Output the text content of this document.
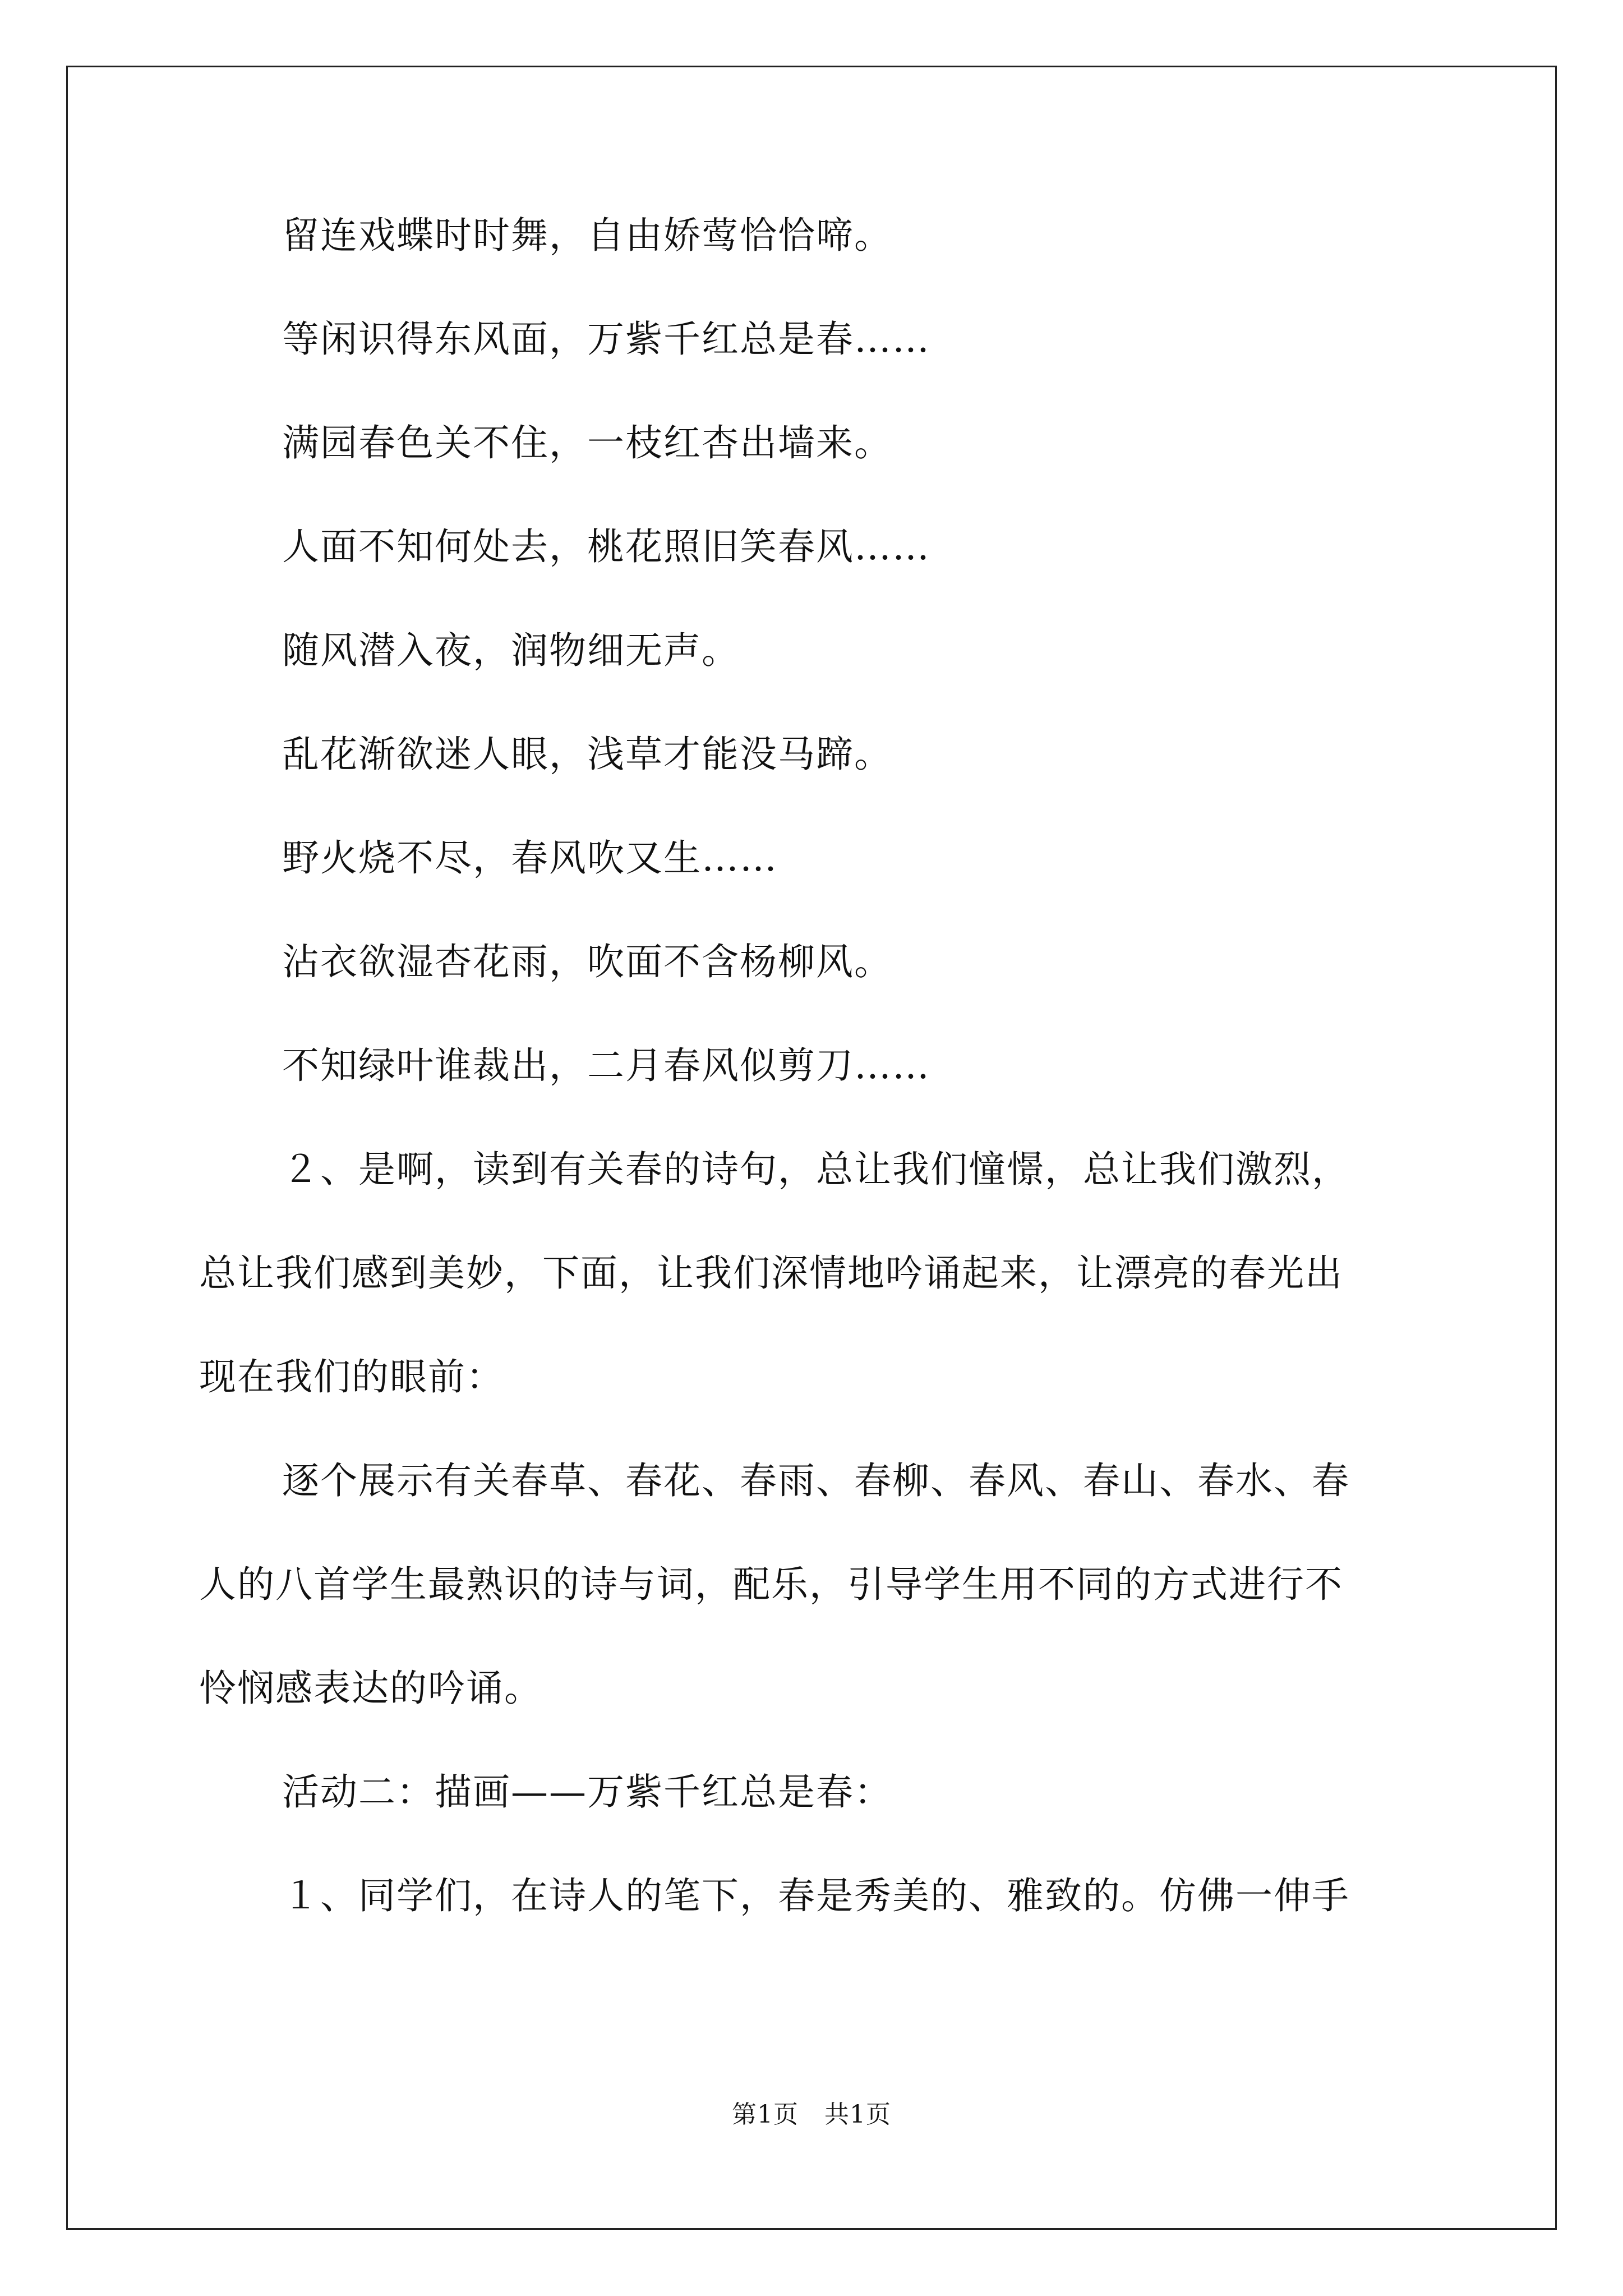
留连戏蝶时时舞，自由娇莺恰恰啼。

等闲识得东风面，万紫千红总是春……

满园春色关不住，一枝红杏出墙来。

人面不知何处去，桃花照旧笑春风……

随风潜入夜，润物细无声。

乱花渐欲迷人眼，浅草才能没马蹄。

野火烧不尽，春风吹又生……

沾衣欲湿杏花雨，吹面不含杨柳风。

不知绿叶谁裁出，二月春风似剪刀……

２、是啊，读到有关春的诗句，总让我们憧憬，总让我们激烈，

总让我们感到美妙，下面，让我们深情地吟诵起来，让漂亮的春光出

现在我们的眼前：

逐个展示有关春草、春花、春雨、春柳、春风、春山、春水、春

人的八首学生最熟识的诗与词，配乐，引导学生用不同的方式进行不

怜悯感表达的吟诵。

活动二：描画——万紫千红总是春：

１、同学们，在诗人的笔下，春是秀美的、雅致的。仿佛一伸手

第1页 共1页
